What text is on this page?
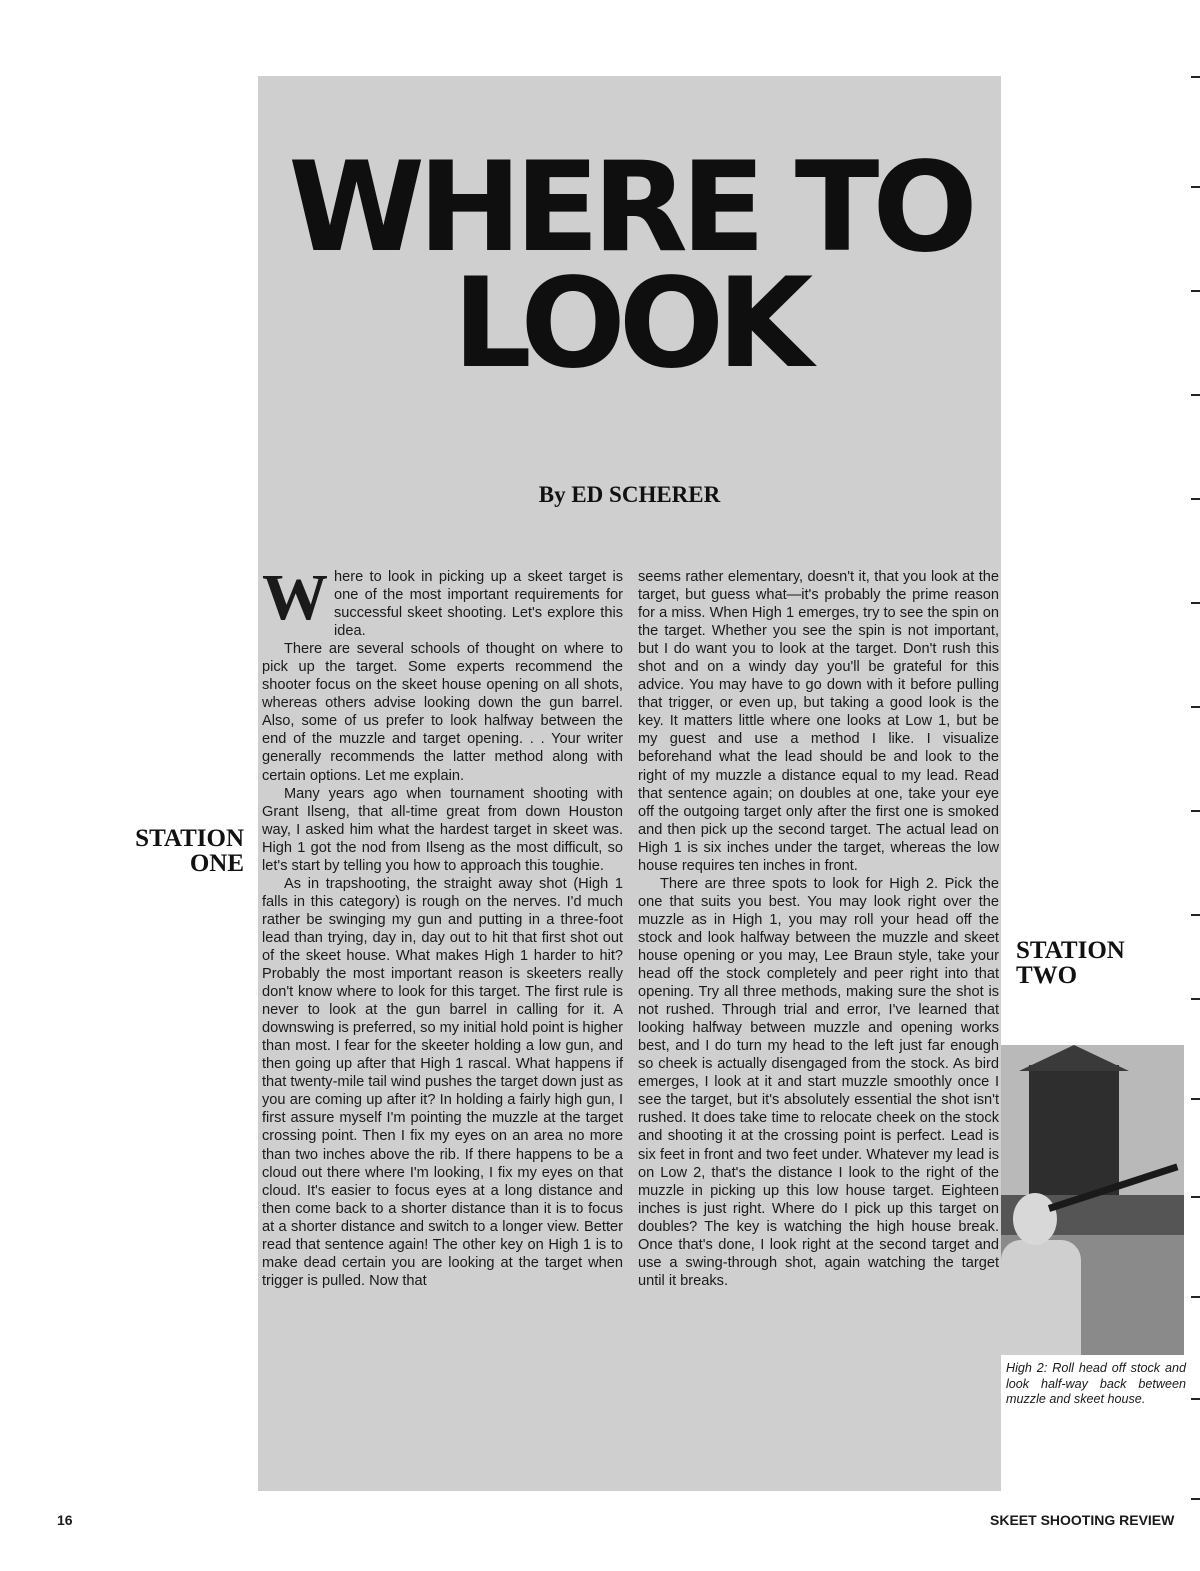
WHERE TO
LOOK
By ED SCHERER

Where to look in picking up a skeet target is one of the most important requirements for successful skeet shooting. Let's explore this idea.

There are several schools of thought on where to pick up the target. Some experts recommend the shooter focus on the skeet house opening on all shots, whereas others advise looking down the gun barrel. Also, some of us prefer to look halfway between the end of the muzzle and target opening. . . Your writer generally recommends the latter method along with certain options. Let me explain.

Many years ago when tournament shooting with Grant Ilseng, that all-time great from down Houston way, I asked him what the hardest target in skeet was. High 1 got the nod from Ilseng as the most difficult, so let's start by telling you how to approach this toughie.

As in trapshooting, the straight away shot (High 1 falls in this category) is rough on the nerves. I'd much rather be swinging my gun and putting in a three-foot lead than trying, day in, day out to hit that first shot out of the skeet house. What makes High 1 harder to hit? Probably the most important reason is skeeters really don't know where to look for this target. The first rule is never to look at the gun barrel in calling for it. A downswing is preferred, so my initial hold point is higher than most. I fear for the skeeter holding a low gun, and then going up after that High 1 rascal. What happens if that twenty-mile tail wind pushes the target down just as you are coming up after it? In holding a fairly high gun, I first assure myself I'm pointing the muzzle at the target crossing point. Then I fix my eyes on an area no more than two inches above the rib. If there happens to be a cloud out there where I'm looking, I fix my eyes on that cloud. It's easier to focus eyes at a long distance and then come back to a shorter distance than it is to focus at a shorter distance and switch to a longer view. Better read that sentence again! The other key on High 1 is to make dead certain you are looking at the target when trigger is pulled. Now that

seems rather elementary, doesn't it, that you look at the target, but guess what—it's probably the prime reason for a miss. When High 1 emerges, try to see the spin on the target. Whether you see the spin is not important, but I do want you to look at the target. Don't rush this shot and on a windy day you'll be grateful for this advice. You may have to go down with it before pulling that trigger, or even up, but taking a good look is the key. It matters little where one looks at Low 1, but be my guest and use a method I like. I visualize beforehand what the lead should be and look to the right of my muzzle a distance equal to my lead. Read that sentence again; on doubles at one, take your eye off the outgoing target only after the first one is smoked and then pick up the second target. The actual lead on High 1 is six inches under the target, whereas the low house requires ten inches in front.

There are three spots to look for High 2. Pick the one that suits you best. You may look right over the muzzle as in High 1, you may roll your head off the stock and look halfway between the muzzle and skeet house opening or you may, Lee Braun style, take your head off the stock completely and peer right into that opening. Try all three methods, making sure the shot is not rushed. Through trial and error, I've learned that looking halfway between muzzle and opening works best, and I do turn my head to the left just far enough so cheek is actually disengaged from the stock. As bird emerges, I look at it and start muzzle smoothly once I see the target, but it's absolutely essential the shot isn't rushed. It does take time to relocate cheek on the stock and shooting it at the crossing point is perfect. Lead is six feet in front and two feet under. Whatever my lead is on Low 2, that's the distance I look to the right of the muzzle in picking up this low house target. Eighteen inches is just right. Where do I pick up this target on doubles? The key is watching the high house break. Once that's done, I look right at the second target and use a swing-through shot, again watching the target until it breaks.

STATION
ONE
STATION
TWO
High 2: Roll head off stock and look half-way back between muzzle and skeet house.
16	SKEET SHOOTING REVIEW
